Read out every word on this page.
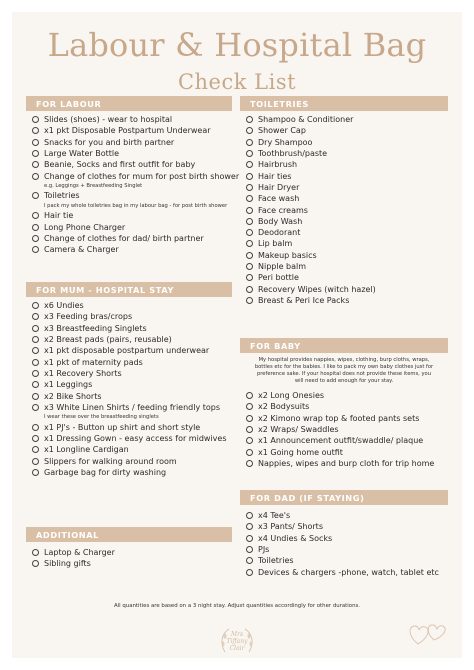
Labour & Hospital Bag
Check List
FOR LABOUR
Slides (shoes) - wear to hospital
x1 pkt Disposable Postpartum Underwear
Snacks for you and birth partner
Large Water Bottle
Beanie, Socks and first outfit for baby
Change of clothes for mum for post birth shower
e.g. Leggings + Breastfeeding Singlet
Toiletries
I pack my whole toiletries bag in my labour bag - for post birth shower
Hair tie
Long Phone Charger
Change of clothes for dad/ birth partner
Camera & Charger
TOILETRIES
Shampoo & Conditioner
Shower Cap
Dry Shampoo
Toothbrush/paste
Hairbrush
Hair ties
Hair Dryer
Face wash
Face creams
Body Wash
Deodorant
Lip balm
Makeup basics
Nipple balm
Peri bottle
Recovery Wipes (witch hazel)
Breast & Peri Ice Packs
FOR MUM - HOSPITAL STAY
x6 Undies
x3 Feeding bras/crops
x3 Breastfeeding Singlets
x2 Breast pads (pairs, reusable)
x1 pkt disposable postpartum underwear
x1 pkt of maternity pads
x1 Recovery Shorts
x1 Leggings
x2 Bike Shorts
x3 White Linen Shirts / feeding friendly tops
I wear these over the breastfeeding singlets
x1 PJ's - Button up shirt and short style
x1 Dressing Gown - easy access for midwives
x1 Longline Cardigan
Slippers for walking around room
Garbage bag for dirty washing
FOR BABY
My hospital provides nappies, wipes, clothing, burp cloths, wraps,
bottles etc for the babies. I like to pack my own baby clothes just for
preference sake. If your hospital does not provide these items, you
will need to add enough for your stay.
x2 Long Onesies
x2 Bodysuits
x2 Kimono wrap top & footed pants sets
x2 Wraps/ Swaddles
x1 Announcement outfit/swaddle/ plaque
x1 Going home outfit
Nappies, wipes and burp cloth for trip home
ADDITIONAL
Laptop & Charger
Sibling gifts
FOR DAD (IF STAYING)
x4 Tee's
x3 Pants/ Shorts
x4 Undies & Socks
PJs
Toiletries
Devices & chargers -phone, watch, tablet etc
All quantities are based on a 3 night stay. Adjust quantities accordingly for other durations.
Mrs
Tiffany
Clair
